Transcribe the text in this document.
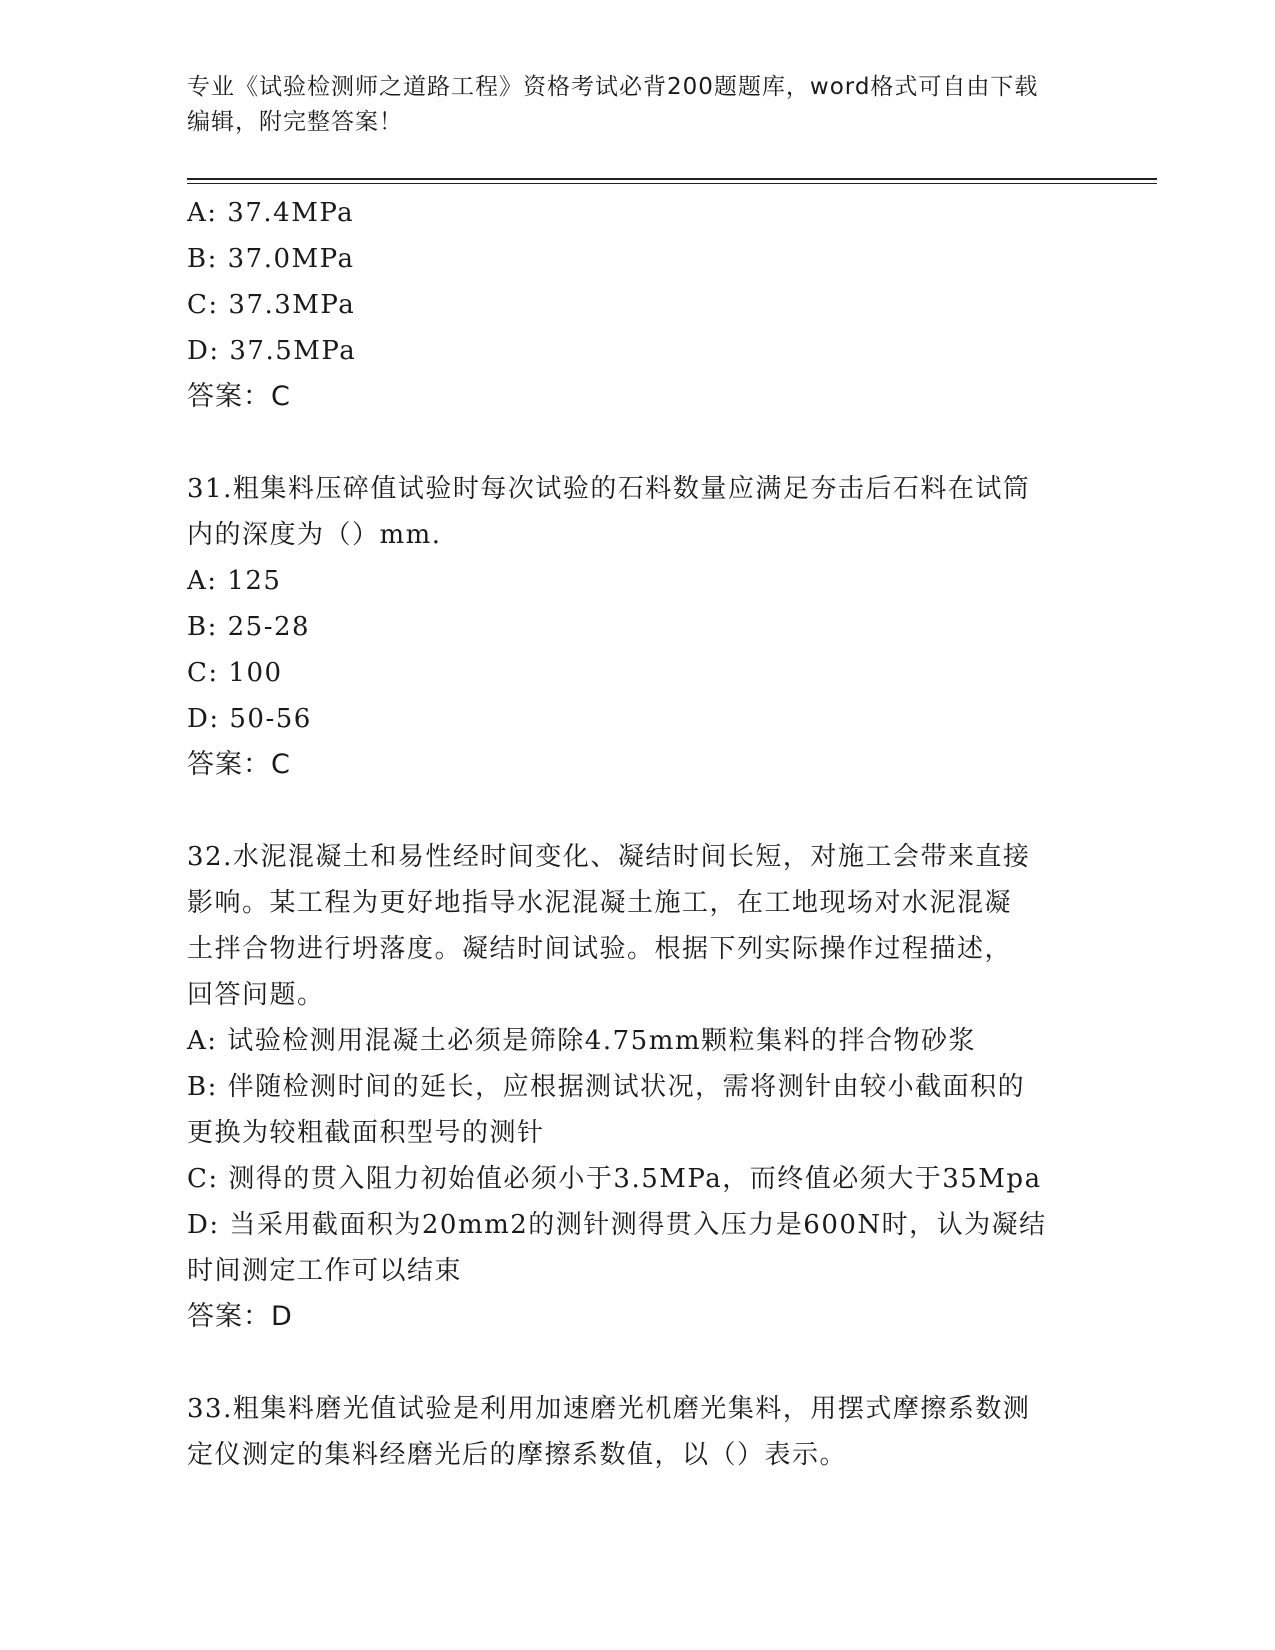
专业《试验检测师之道路工程》资格考试必背200题题库，word格式可自由下载
编辑，附完整答案！
A: 37.4MPa
B: 37.0MPa
C: 37.3MPa
D: 37.5MPa
答案：C
31.粗集料压碎值试验时每次试验的石料数量应满足夯击后石料在试筒
内的深度为（）mm.
A: 125
B: 25-28
C: 100
D: 50-56
答案：C
32.水泥混凝土和易性经时间变化、凝结时间长短，对施工会带来直接
影响。某工程为更好地指导水泥混凝土施工，在工地现场对水泥混凝
土拌合物进行坍落度。凝结时间试验。根据下列实际操作过程描述，
回答问题。
A: 试验检测用混凝土必须是筛除4.75mm颗粒集料的拌合物砂浆
B: 伴随检测时间的延长，应根据测试状况，需将测针由较小截面积的
更换为较粗截面积型号的测针
C: 测得的贯入阻力初始值必须小于3.5MPa，而终值必须大于35Mpa
D: 当采用截面积为20mm2的测针测得贯入压力是600N时，认为凝结
时间测定工作可以结束
答案：D
33.粗集料磨光值试验是利用加速磨光机磨光集料，用摆式摩擦系数测
定仪测定的集料经磨光后的摩擦系数值，以（）表示。
